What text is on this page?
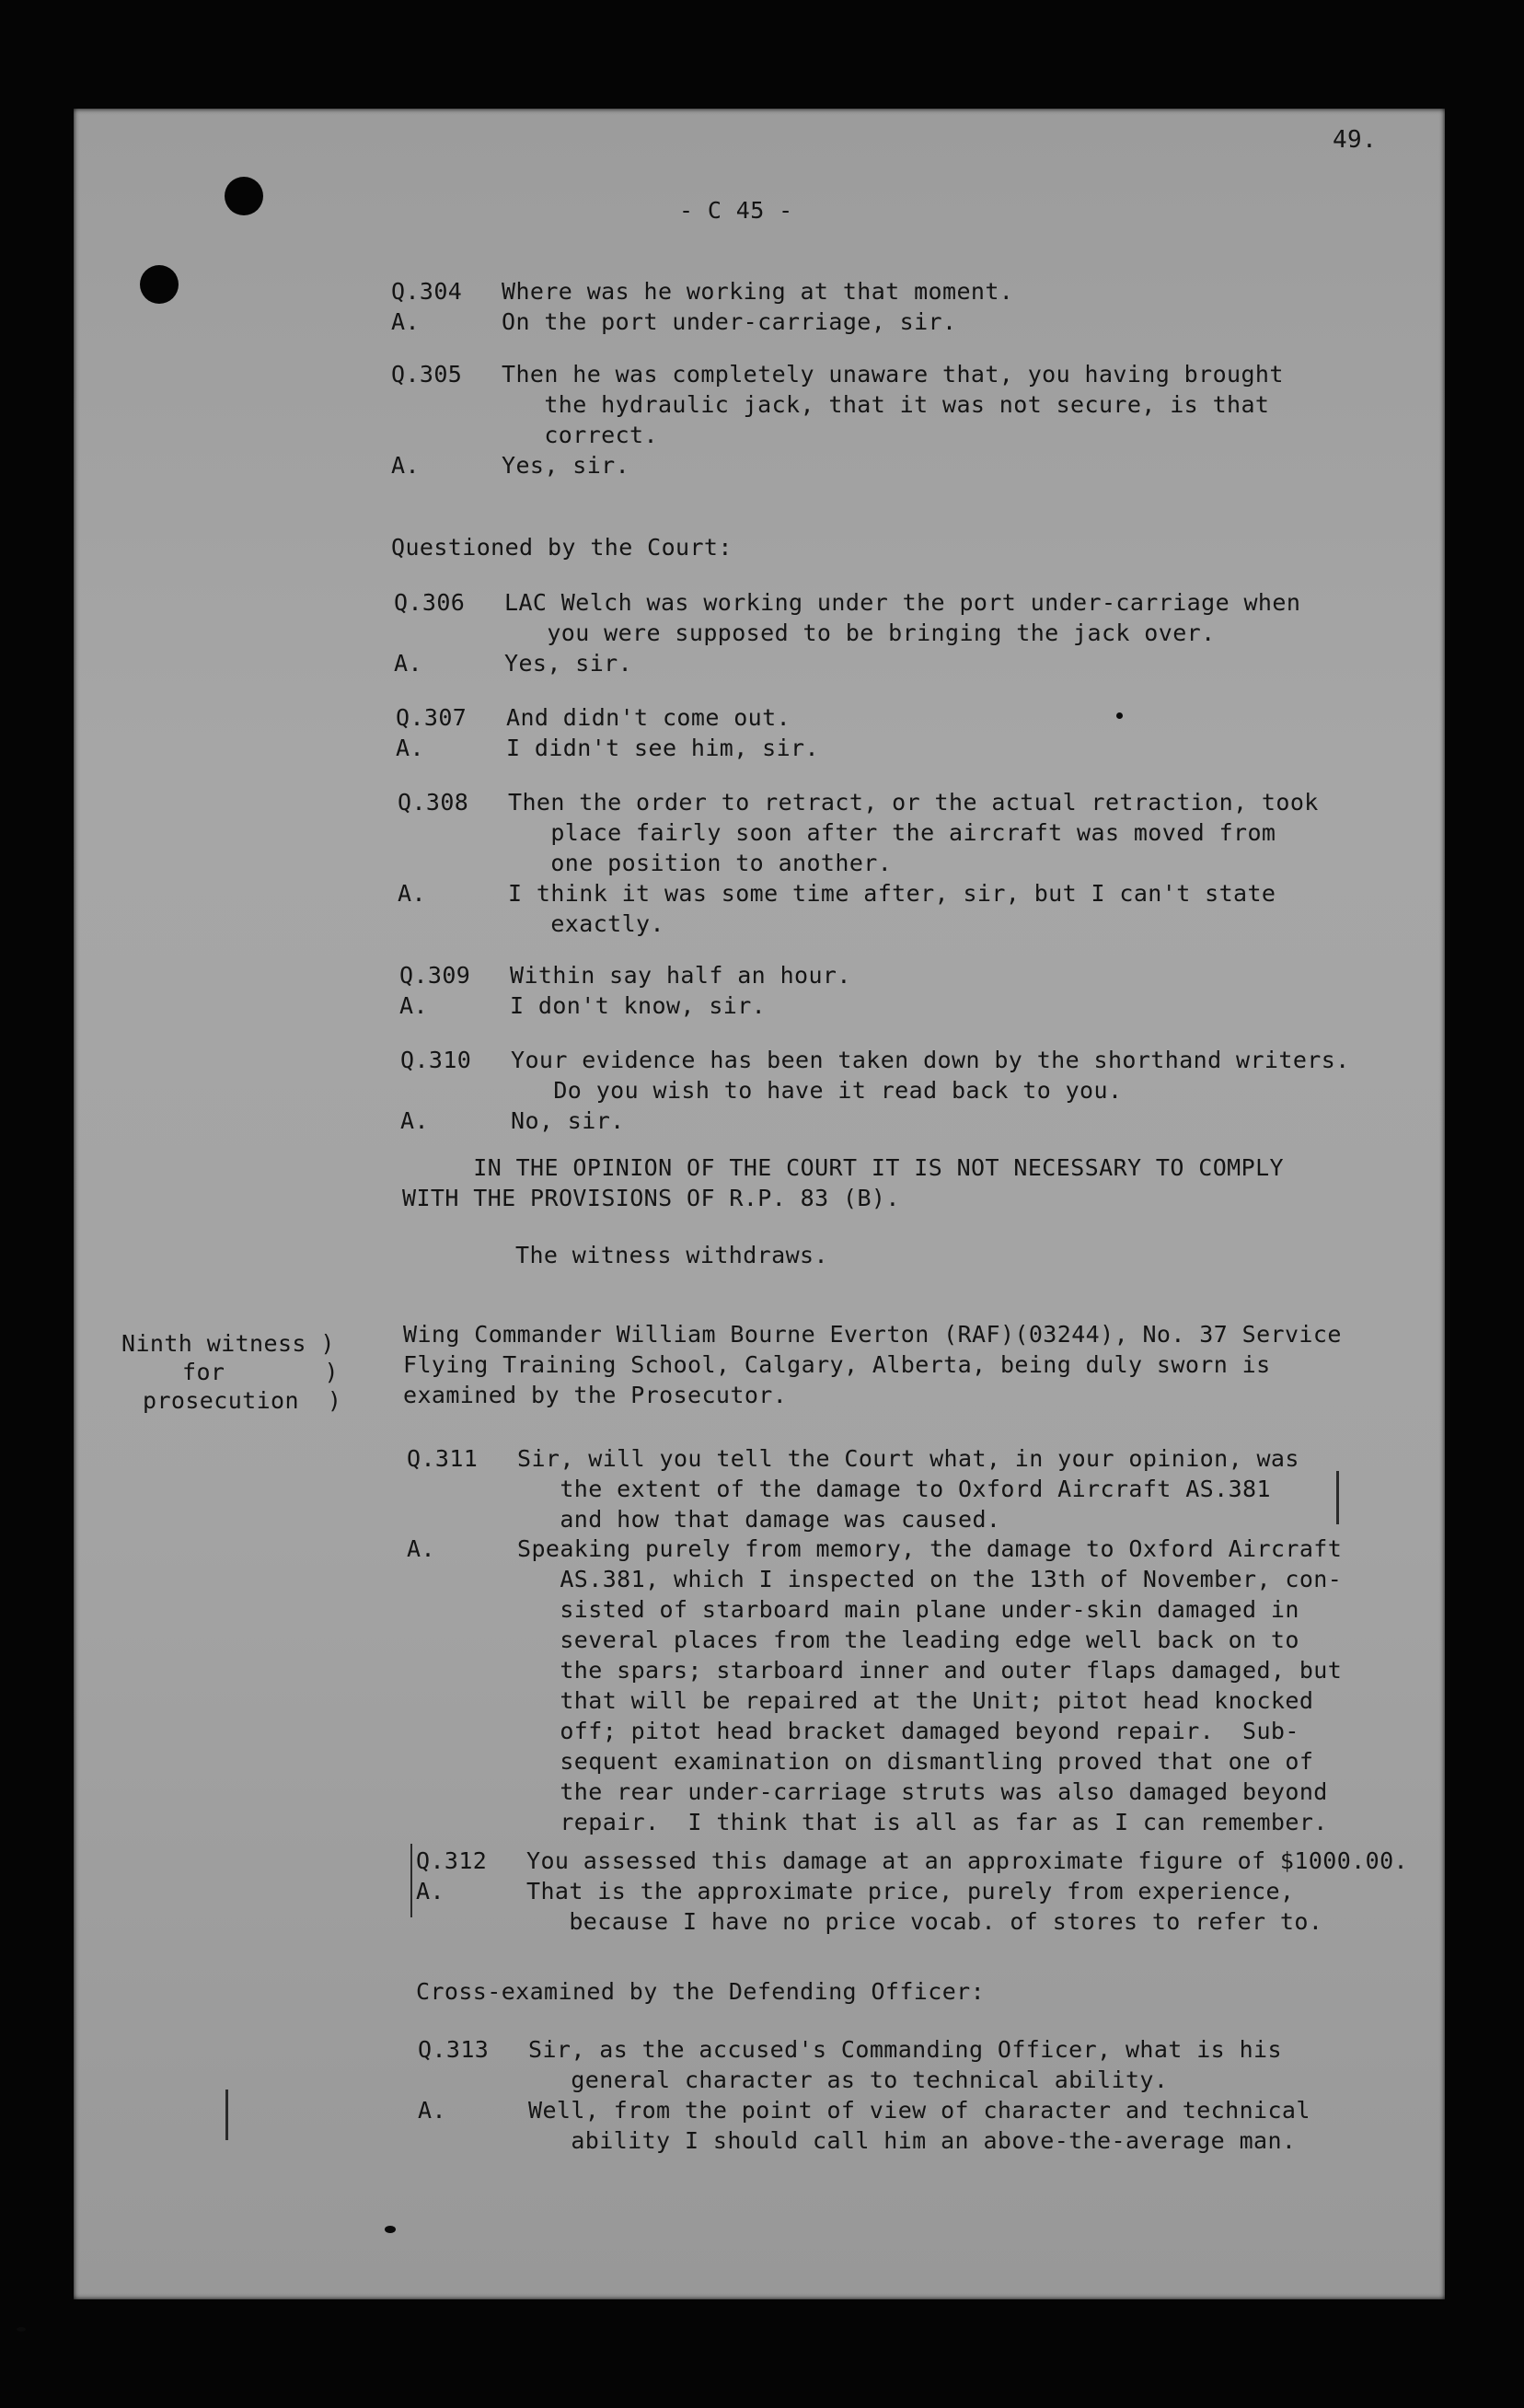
49.
- C 45 -
Q.304 Where was he working at that moment.
A.	On the port under-carriage, sir.
Q.305 Then he was completely unaware that, you having brought
the hydraulic jack, that it was not secure, is that
correct.
A.	Yes, sir.
Questioned by the Court:
Q.306 LAC Welch was working under the port under-carriage when
you were supposed to be bringing the jack over.
A.	Yes, sir.
Q.307 And didn't come out.
A.	I didn't see him, sir.
Q.308 Then the order to retract, or the actual retraction, took
place fairly soon after the aircraft was moved from
one position to another.
A.	I think it was some time after, sir, but I can't state
exactly.
Q.309 Within say half an hour.
A.	I don't know, sir.
Q.310 Your evidence has been taken down by the shorthand writers.
Do you wish to have it read back to you.
A.	No, sir.
IN THE OPINION OF THE COURT IT IS NOT NECESSARY TO COMPLY
WITH THE PROVISIONS OF R.P. 83 (B).
The witness withdraws.
Ninth witness )
for       )
prosecution  )
Wing Commander William Bourne Everton (RAF)(03244), No. 37 Service
Flying Training School, Calgary, Alberta, being duly sworn is
examined by the Prosecutor.
Q.311 Sir, will you tell the Court what, in your opinion, was
the extent of the damage to Oxford Aircraft AS.381
and how that damage was caused.
A.	Speaking purely from memory, the damage to Oxford Aircraft
AS.381, which I inspected on the 13th of November, con-
sisted of starboard main plane under-skin damaged in
several places from the leading edge well back on to
the spars; starboard inner and outer flaps damaged, but
that will be repaired at the Unit; pitot head knocked
off; pitot head bracket damaged beyond repair.  Sub-
sequent examination on dismantling proved that one of
the rear under-carriage struts was also damaged beyond
repair.  I think that is all as far as I can remember.
Q.312 You assessed this damage at an approximate figure of $1000.00.
A.	That is the approximate price, purely from experience,
because I have no price vocab. of stores to refer to.
Cross-examined by the Defending Officer:
Q.313 Sir, as the accused's Commanding Officer, what is his
general character as to technical ability.
A.	Well, from the point of view of character and technical
ability I should call him an above-the-average man.
